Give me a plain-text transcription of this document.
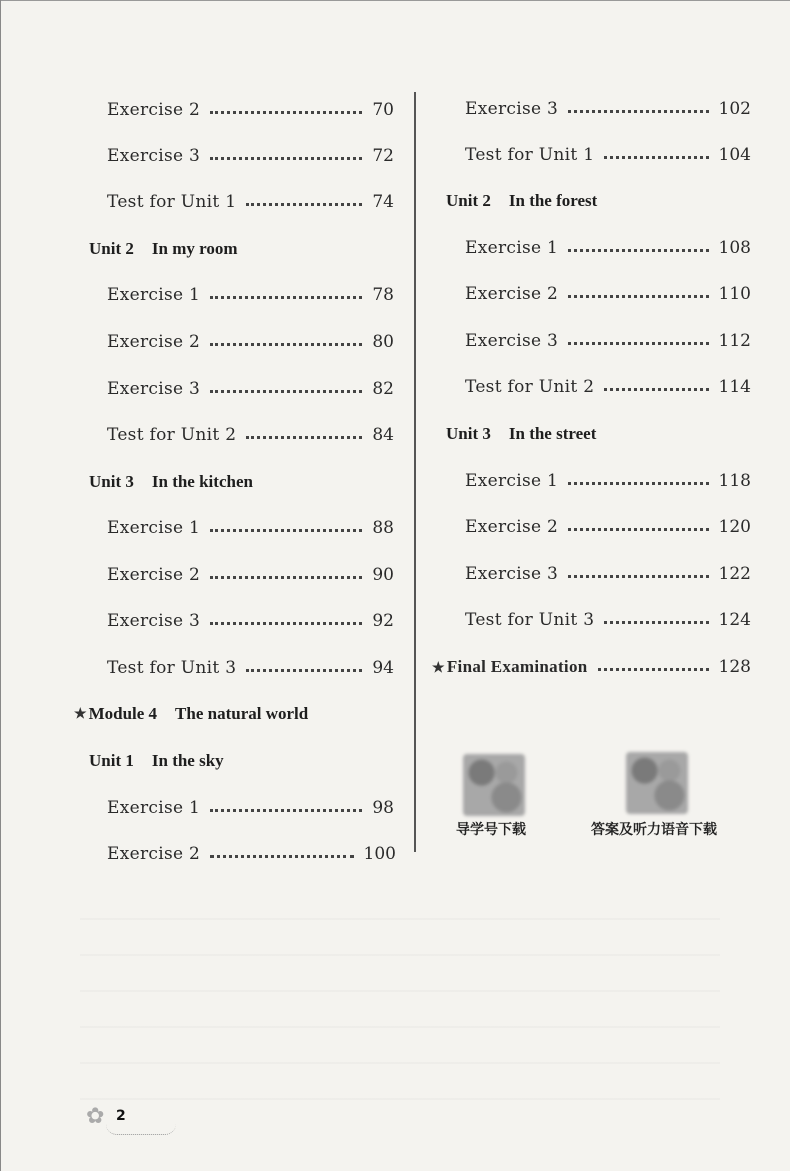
Exercise 2	70
Exercise 3	72
Test for Unit 1	74
Unit 2 In my room
Exercise 1	78
Exercise 2	80
Exercise 3	82
Test for Unit 2	84
Unit 3 In the kitchen
Exercise 1	88
Exercise 2	90
Exercise 3	92
Test for Unit 3	94
★ Module 4 The natural world
Unit 1 In the sky
Exercise 1	98
Exercise 2	100
Exercise 3	102
Test for Unit 1	104
Unit 2 In the forest
Exercise 1	108
Exercise 2	110
Exercise 3	112
Test for Unit 2	114
Unit 3 In the street
Exercise 1	118
Exercise 2	120
Exercise 3	122
Test for Unit 3	124
★ Final Examination	128
导学号下载	答案及听力语音下载
✿ 2
